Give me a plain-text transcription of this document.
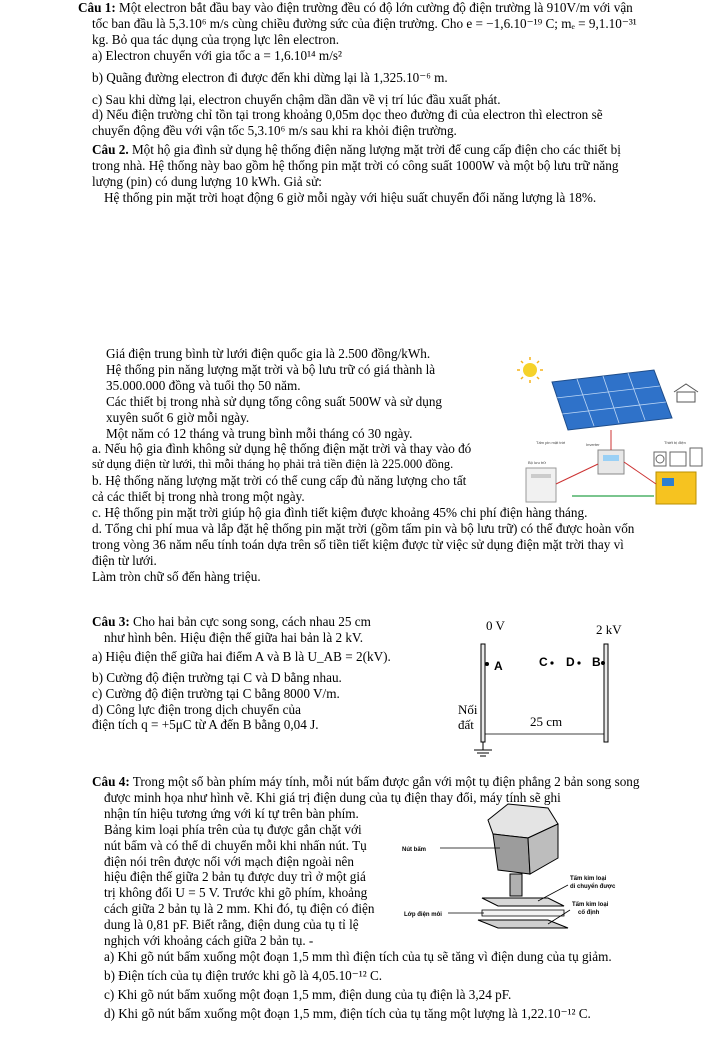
Câu 1: Một electron bắt đầu bay vào điện trường đều có độ lớn cường độ điện trường là 910V/m với vận
tốc ban đầu là 5,3.10⁶ m/s cùng chiều đường sức của điện trường. Cho e = −1,6.10⁻¹⁹ C; mₑ = 9,1.10⁻³¹
kg. Bỏ qua tác dụng của trọng lực lên electron.
a) Electron chuyển với gia tốc a = 1,6.10¹⁴ m/s²
b) Quãng đường electron đi được đến khi dừng lại là 1,325.10⁻⁶ m.
c) Sau khi dừng lại, electron chuyển chậm dần dần về vị trí lúc đầu xuất phát.
d) Nếu điện trường chỉ tồn tại trong khoảng 0,05m dọc theo đường đi của electron thì electron sẽ
chuyển động đều với vận tốc 5,3.10⁶ m/s sau khi ra khỏi điện trường.
Câu 2. Một hộ gia đình sử dụng hệ thống điện năng lượng mặt trời để cung cấp điện cho các thiết bị
trong nhà. Hệ thống này bao gồm hệ thống pin mặt trời có công suất 1000W và một bộ lưu trữ năng
lượng (pin) có dung lượng 10 kWh. Giả sử:
• Hệ thống pin mặt trời hoạt động 6 giờ mỗi ngày với hiệu suất chuyển đổi năng lượng là 18%.
• Giá điện trung bình từ lưới điện quốc gia là 2.500 đồng/kWh.
• Hệ thống pin năng lượng mặt trời và bộ lưu trữ có giá thành là
35.000.000 đồng và tuổi thọ 50 năm.
• Các thiết bị trong nhà sử dụng tổng công suất 500W và sử dụng
xuyên suốt 6 giờ mỗi ngày.
• Một năm có 12 tháng và trung bình mỗi tháng có 30 ngày.
a. Nếu hộ gia đình không sử dụng hệ thống điện mặt trời và thay vào đó
sử dụng điện từ lưới, thì mỗi tháng họ phải trả tiền điện là 225.000 đồng.
b. Hệ thống năng lượng mặt trời có thể cung cấp đủ năng lượng cho tất
cả các thiết bị trong nhà trong một ngày.
c. Hệ thống pin mặt trời giúp hộ gia đình tiết kiệm được khoảng 45% chi phí điện hàng tháng.
d. Tổng chi phí mua và lắp đặt hệ thống pin mặt trời (gồm tấm pin và bộ lưu trữ) có thể được hoàn vốn
trong vòng 36 năm nếu tính toán dựa trên số tiền tiết kiệm được từ việc sử dụng điện mặt trời thay vì
điện từ lưới.
Làm tròn chữ số đến hàng triệu.
Tấm pin mặt trời	Thiết bị điện
Inverter
Bộ lưu trữ
Câu 3: Cho hai bản cực song song, cách nhau 25 cm
như hình bên. Hiệu điện thế giữa hai bản là 2 kV.
a) Hiệu điện thế giữa hai điểm A và B là U_AB = 2(kV).
b) Cường độ điện trường tại C và D bằng nhau.
c) Cường độ điện trường tại C bằng 8000 V/m.
d) Công lực điện trong dịch chuyển của
điện tích q = +5μC từ A đến B bằng 0,04 J.
0 V	2 kV
A	C D B
Nối
đất	25 cm
Câu 4: Trong một số bàn phím máy tính, mỗi nút bấm được gắn với một tụ điện phẳng 2 bản song song
được minh họa như hình vẽ. Khi giá trị điện dung của tụ điện thay đổi, máy tính sẽ ghi
nhận tín hiệu tương ứng với kí tự trên bàn phím.
Bảng kim loại phía trên của tụ được gắn chặt với
nút bấm và có thể di chuyển mỗi khi nhấn nút. Tụ
điện nói trên được nối với mạch điện ngoài nên
hiệu điện thế giữa 2 bản tụ được duy trì ở một giá
trị không đổi U = 5 V. Trước khi gõ phím, khoảng
cách giữa 2 bản tụ là 2 mm. Khi đó, tụ điện có điện
dung là 0,81 pF. Biết rằng, điện dung của tụ tỉ lệ
nghịch với khoảng cách giữa 2 bản tụ. -
a) Khi gõ nút bấm xuống một đoạn 1,5 mm thì điện tích của tụ sẽ tăng vì điện dung của tụ giảm.
b) Điện tích của tụ điện trước khi gõ là 4,05.10⁻¹² C.
c) Khi gõ nút bấm xuống một đoạn 1,5 mm, điện dung của tụ điện là 3,24 pF.
d) Khi gõ nút bấm xuống một đoạn 1,5 mm, điện tích của tụ tăng một lượng là 1,22.10⁻¹² C.
Nút bấm
Tấm kim loại
di chuyển được
Lớp điện môi
Tấm kim loại
cố định
